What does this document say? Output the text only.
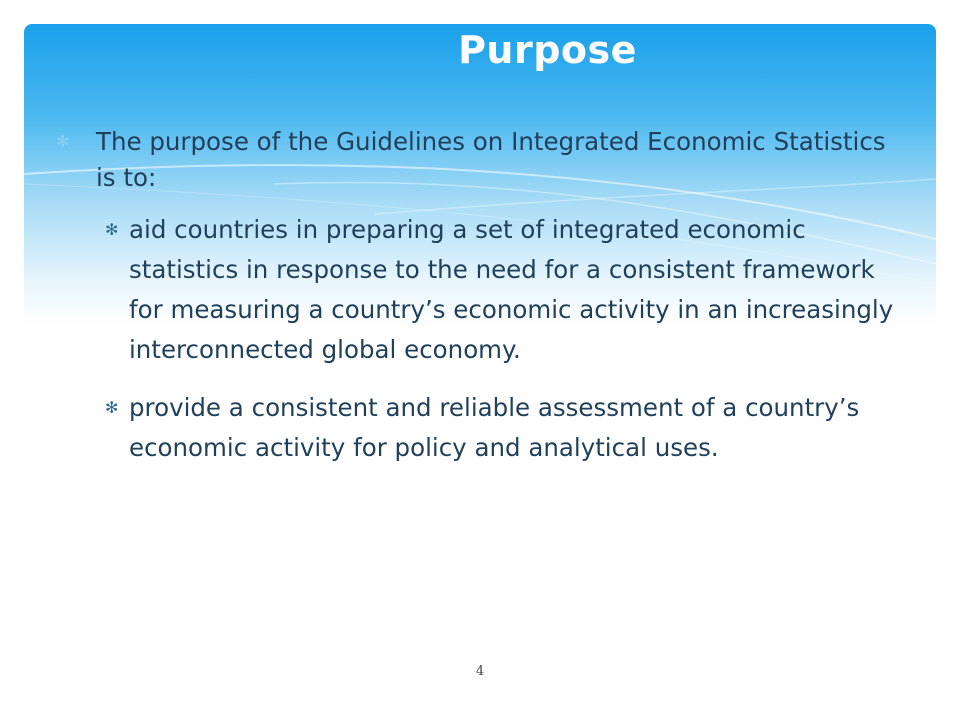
Purpose
✻	The purpose of the Guidelines on Integrated Economic Statistics is to:
✻ aid countries in preparing a set of integrated economic statistics in response to the need for a consistent framework for measuring a country’s economic activity in an increasingly interconnected global economy.
✻ provide a consistent and reliable assessment of a country’s economic activity for policy and analytical uses.
4
